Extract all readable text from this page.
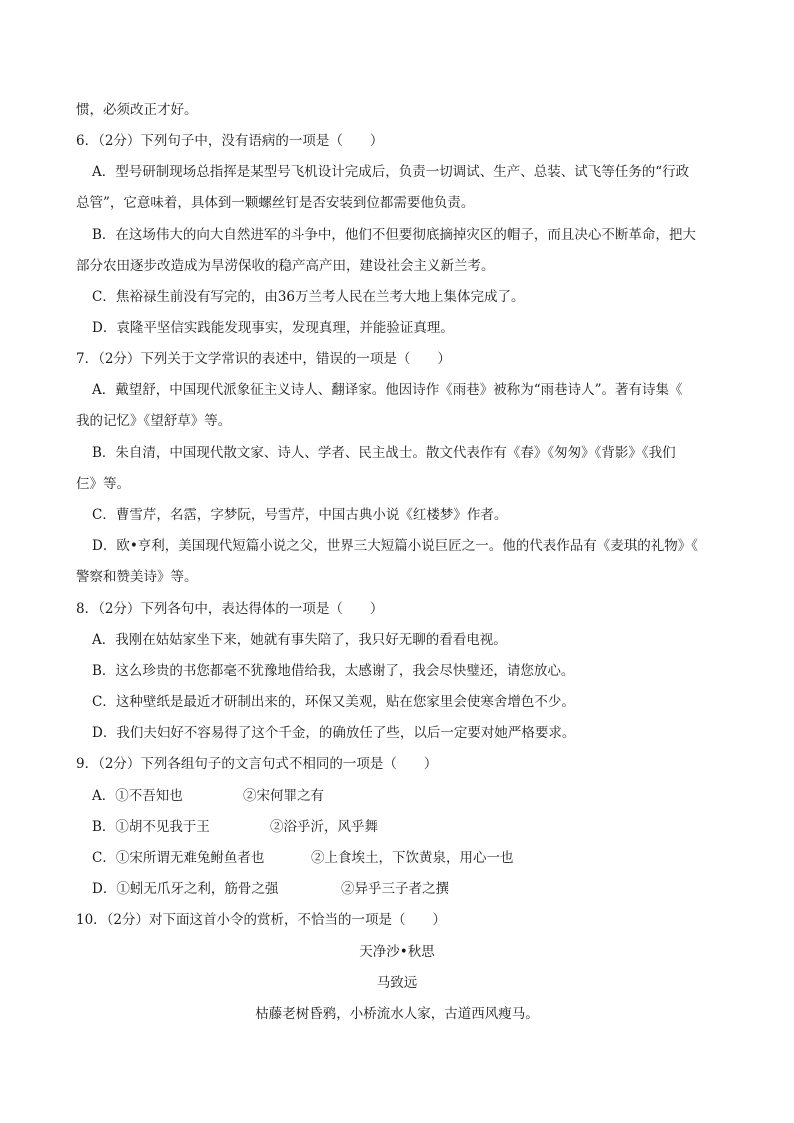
惯，必须改正才好。
6．（2分）下列句子中，没有语病的一项是（　　）
A．型号研制现场总指挥是某型号飞机设计完成后，负责一切调试、生产、总装、试飞等任务的“行政
总管”，它意味着，具体到一颗螺丝钉是否安装到位都需要他负责。
B．在这场伟大的向大自然进军的斗争中，他们不但要彻底摘掉灾区的帽子，而且决心不断革命，把大
部分农田逐步改造成为旱涝保收的稳产高产田，建设社会主义新兰考。
C．焦裕禄生前没有写完的，由36万兰考人民在兰考大地上集体完成了。
D．袁隆平坚信实践能发现事实，发现真理，并能验证真理。
7．（2分）下列关于文学常识的表述中，错误的一项是（　　）
A．戴望舒，中国现代派象征主义诗人、翻译家。他因诗作《雨巷》被称为“雨巷诗人”。著有诗集《
我的记忆》《望舒草》等。
B．朱自清，中国现代散文家、诗人、学者、民主战士。散文代表作有《春》《匆匆》《背影》《我们
仨》等。
C．曹雪芹，名霑，字梦阮，号雪芹，中国古典小说《红楼梦》作者。
D．欧•亨利，美国现代短篇小说之父，世界三大短篇小说巨匠之一。他的代表作品有《麦琪的礼物》《
警察和赞美诗》等。
8．（2分）下列各句中，表达得体的一项是（　　）
A．我刚在姑姑家坐下来，她就有事失陪了，我只好无聊的看看电视。
B．这么珍贵的书您都毫不犹豫地借给我，太感谢了，我会尽快璧还，请您放心。
C．这种壁纸是最近才研制出来的，环保又美观，贴在您家里会使寒舍增色不少。
D．我们夫妇好不容易得了这个千金，的确放任了些，以后一定要对她严格要求。
9．（2分）下列各组句子的文言句式不相同的一项是（　　）
A．①不吾知也	②宋何罪之有
B．①胡不见我于王	②浴乎沂，风乎舞
C．①宋所谓无难兔鲋鱼者也	②上食埃土，下饮黄泉，用心一也
D．①蚓无爪牙之利，筋骨之强	②异乎三子者之撰
10．（2分）对下面这首小令的赏析，不恰当的一项是（　　）
天净沙•秋思
马致远
枯藤老树昏鸦，小桥流水人家，古道西风瘦马。
